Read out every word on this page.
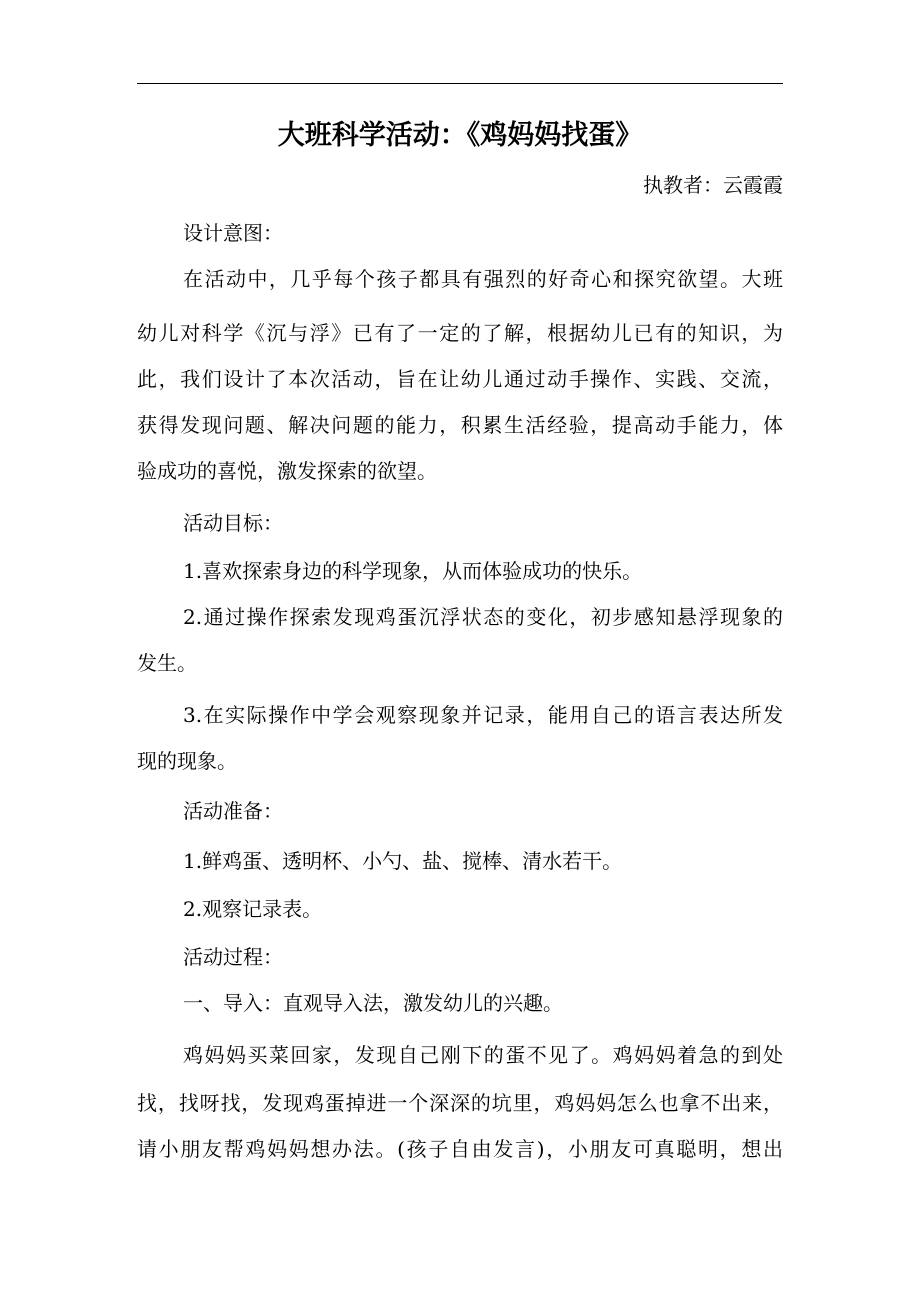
大班科学活动：《鸡妈妈找蛋》
执教者：云霞霞
设计意图：
在活动中，几乎每个孩子都具有强烈的好奇心和探究欲望。大班
幼儿对科学《沉与浮》已有了一定的了解，根据幼儿已有的知识，为
此，我们设计了本次活动，旨在让幼儿通过动手操作、实践、交流，
获得发现问题、解决问题的能力，积累生活经验，提高动手能力，体
验成功的喜悦，激发探索的欲望。
活动目标：
1.喜欢探索身边的科学现象，从而体验成功的快乐。
2.通过操作探索发现鸡蛋沉浮状态的变化，初步感知悬浮现象的
发生。
3.在实际操作中学会观察现象并记录，能用自己的语言表达所发
现的现象。
活动准备：
1.鲜鸡蛋、透明杯、小勺、盐、搅棒、清水若干。
2.观察记录表。
活动过程：
一、导入：直观导入法，激发幼儿的兴趣。
鸡妈妈买菜回家，发现自己刚下的蛋不见了。鸡妈妈着急的到处
找，找呀找，发现鸡蛋掉进一个深深的坑里，鸡妈妈怎么也拿不出来，
请小朋友帮鸡妈妈想办法。(孩子自由发言)，小朋友可真聪明，想出
